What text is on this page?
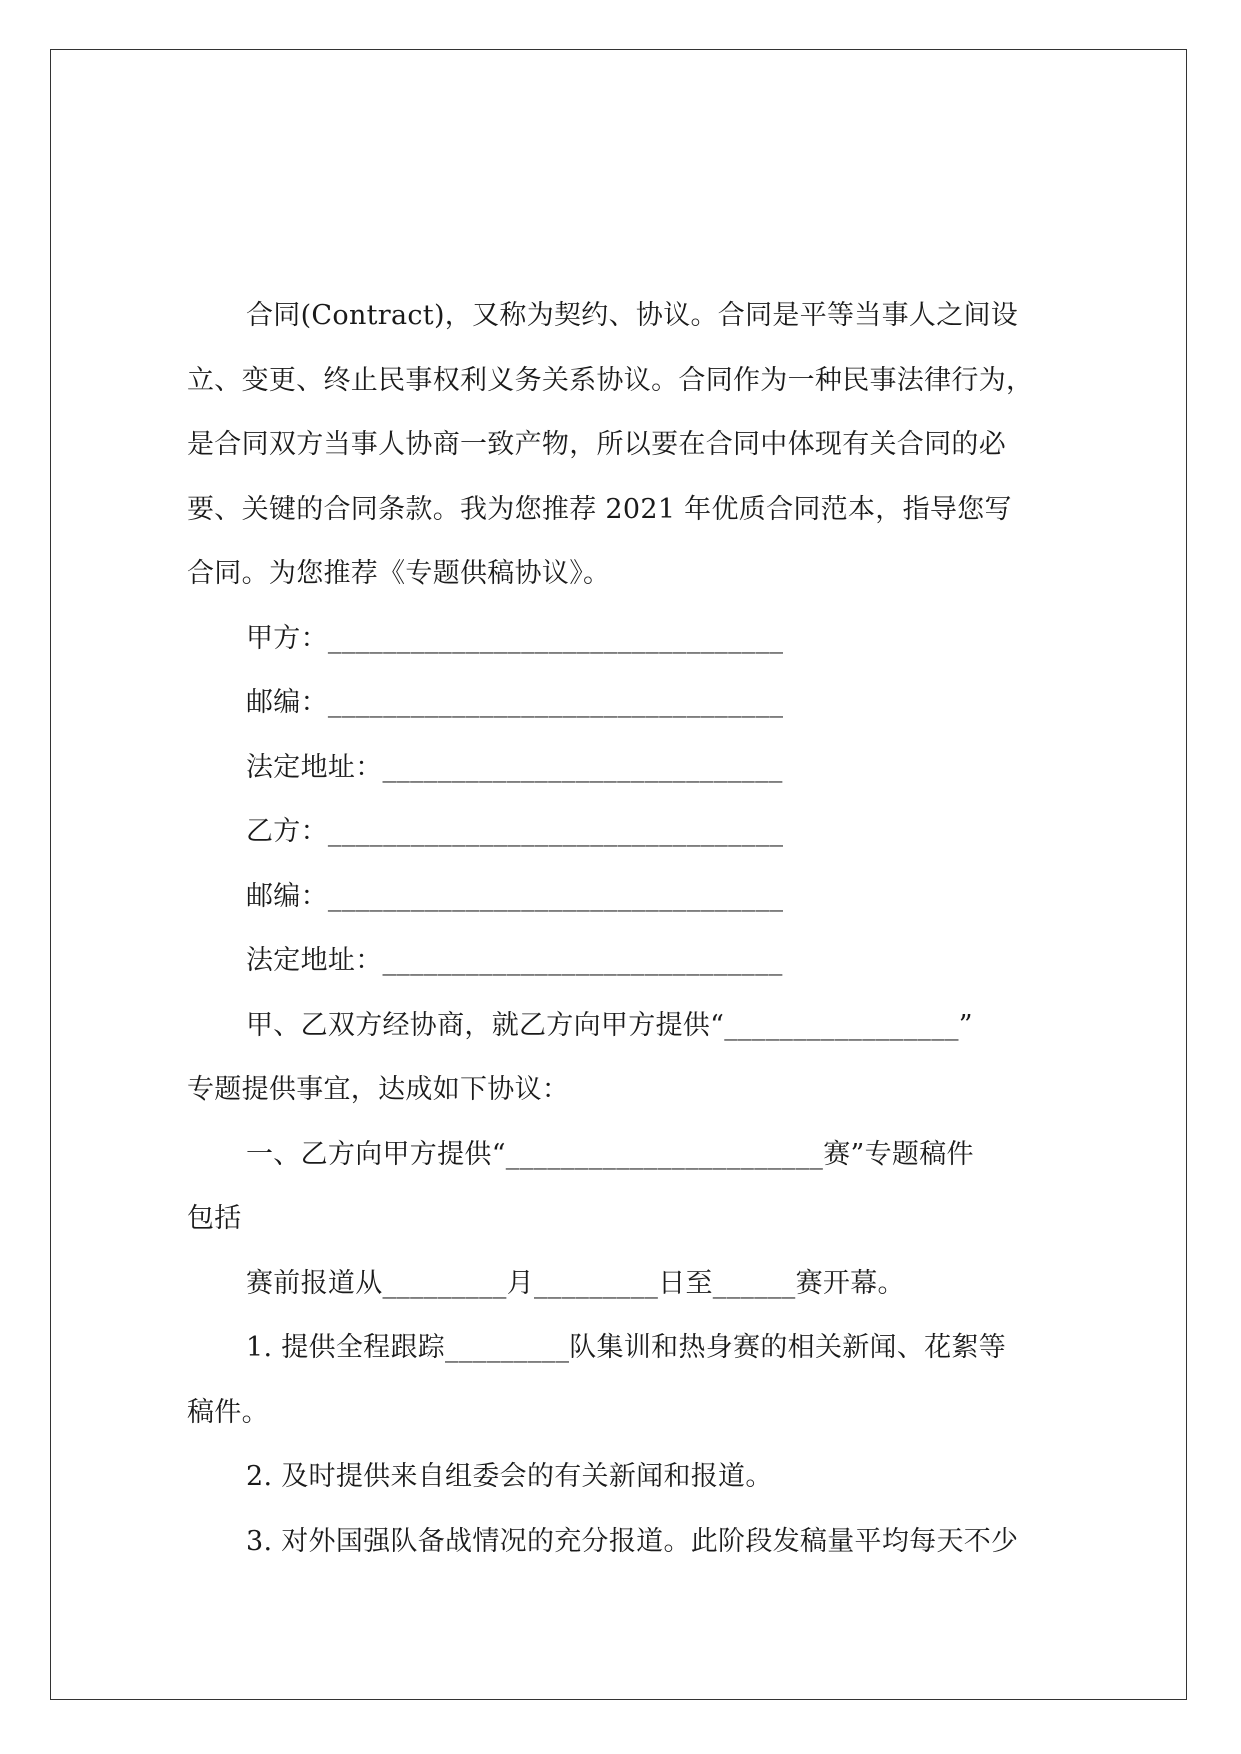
合同(Contract)，又称为契约、协议。合同是平等当事人之间设

立、变更、终止民事权利义务关系协议。合同作为一种民事法律行为，

是合同双方当事人协商一致产物，所以要在合同中体现有关合同的必

要、关键的合同条款。我为您推荐 2021 年优质合同范本，指导您写

合同。为您推荐《专题供稿协议》。

甲方：_________________________________

邮编：_________________________________

法定地址：_____________________________

乙方：_________________________________

邮编：_________________________________

法定地址：_____________________________

甲、乙双方经协商，就乙方向甲方提供“_________________”

专题提供事宜，达成如下协议：

一、乙方向甲方提供“_______________________赛”专题稿件

包括

赛前报道从_________月_________日至______赛开幕。

1. 提供全程跟踪_________队集训和热身赛的相关新闻、花絮等

稿件。

2. 及时提供来自组委会的有关新闻和报道。

3. 对外国强队备战情况的充分报道。此阶段发稿量平均每天不少
